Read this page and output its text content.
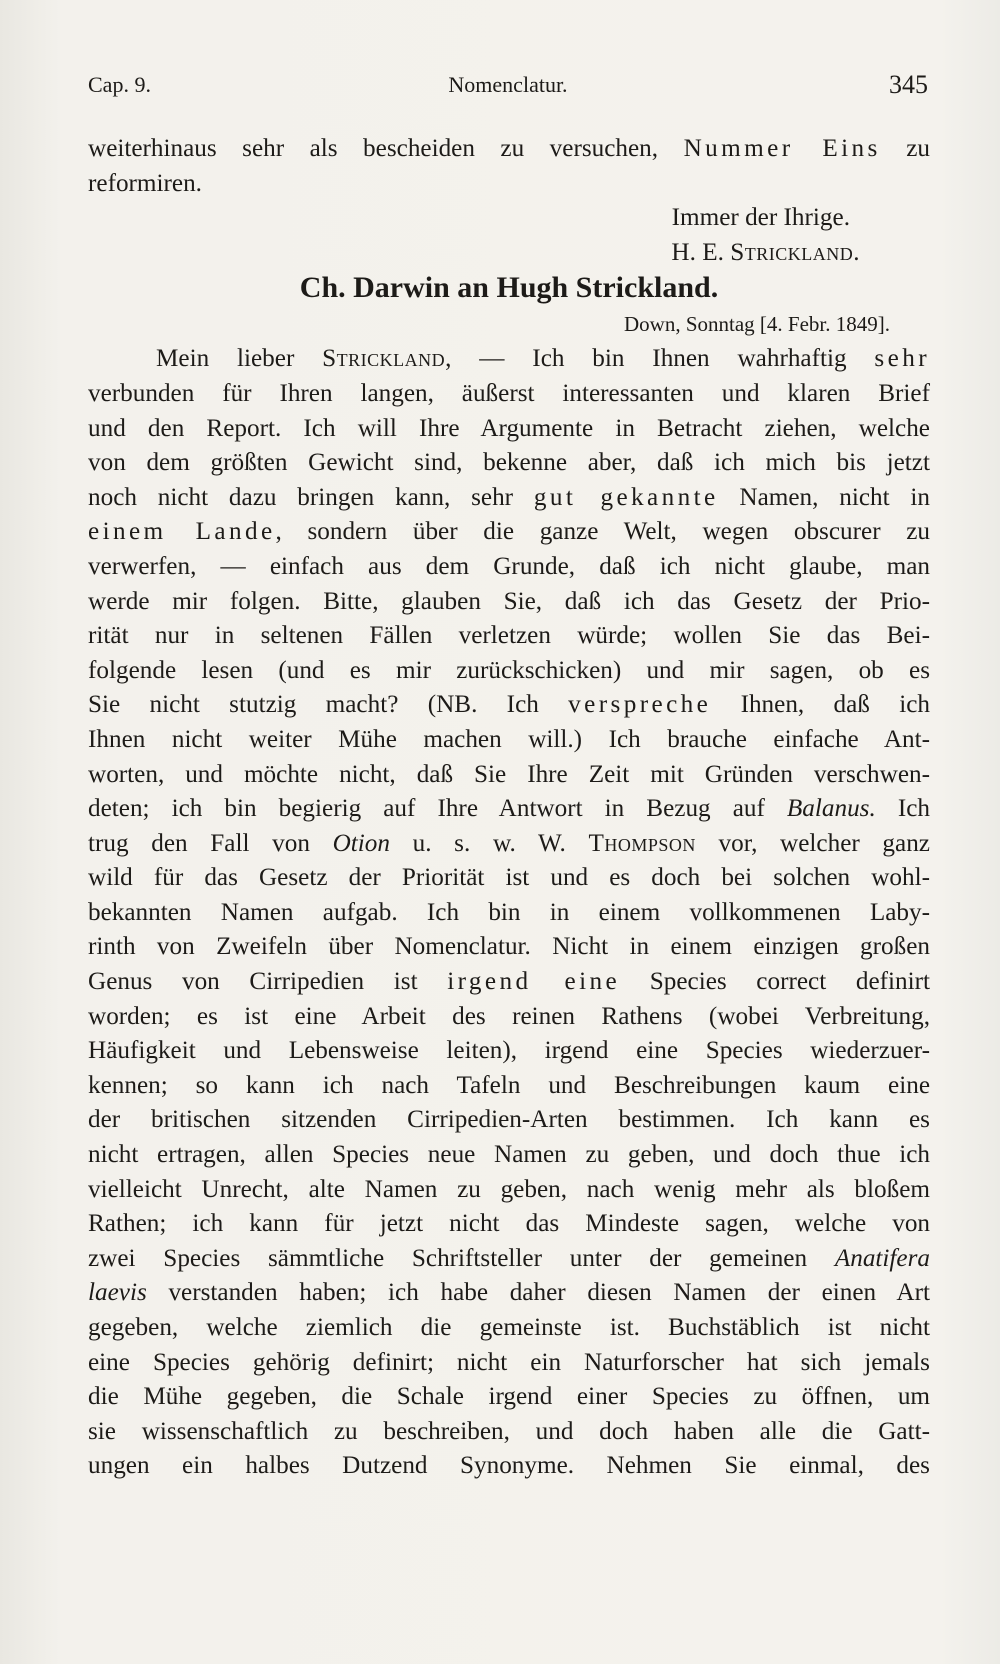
Cap. 9.	Nomenclatur.	345
weiterhinaus sehr als bescheiden zu versuchen, Nummer Eins zu
reformiren.
Immer der Ihrige.
H. E. Strickland.
Ch. Darwin an Hugh Strickland.
Down, Sonntag [4. Febr. 1849].
Mein lieber Strickland, — Ich bin Ihnen wahrhaftig sehr
verbunden für Ihren langen, äußerst interessanten und klaren Brief
und den Report. Ich will Ihre Argumente in Betracht ziehen, welche
von dem größten Gewicht sind, bekenne aber, daß ich mich bis jetzt
noch nicht dazu bringen kann, sehr gut gekannte Namen, nicht in
einem Lande, sondern über die ganze Welt, wegen obscurer zu
verwerfen, — einfach aus dem Grunde, daß ich nicht glaube, man
werde mir folgen. Bitte, glauben Sie, daß ich das Gesetz der Prio-
rität nur in seltenen Fällen verletzen würde; wollen Sie das Bei-
folgende lesen (und es mir zurückschicken) und mir sagen, ob es
Sie nicht stutzig macht? (NB. Ich verspreche Ihnen, daß ich
Ihnen nicht weiter Mühe machen will.) Ich brauche einfache Ant-
worten, und möchte nicht, daß Sie Ihre Zeit mit Gründen verschwen-
deten; ich bin begierig auf Ihre Antwort in Bezug auf Balanus. Ich
trug den Fall von Otion u. s. w. W. Thompson vor, welcher ganz
wild für das Gesetz der Priorität ist und es doch bei solchen wohl-
bekannten Namen aufgab. Ich bin in einem vollkommenen Laby-
rinth von Zweifeln über Nomenclatur. Nicht in einem einzigen großen
Genus von Cirripedien ist irgend eine Species correct definirt
worden; es ist eine Arbeit des reinen Rathens (wobei Verbreitung,
Häufigkeit und Lebensweise leiten), irgend eine Species wiederzuer-
kennen; so kann ich nach Tafeln und Beschreibungen kaum eine
der britischen sitzenden Cirripedien-Arten bestimmen. Ich kann es
nicht ertragen, allen Species neue Namen zu geben, und doch thue ich
vielleicht Unrecht, alte Namen zu geben, nach wenig mehr als bloßem
Rathen; ich kann für jetzt nicht das Mindeste sagen, welche von
zwei Species sämmtliche Schriftsteller unter der gemeinen Anatifera
laevis verstanden haben; ich habe daher diesen Namen der einen Art
gegeben, welche ziemlich die gemeinste ist. Buchstäblich ist nicht
eine Species gehörig definirt; nicht ein Naturforscher hat sich jemals
die Mühe gegeben, die Schale irgend einer Species zu öffnen, um
sie wissenschaftlich zu beschreiben, und doch haben alle die Gatt-
ungen ein halbes Dutzend Synonyme. Nehmen Sie einmal, des
